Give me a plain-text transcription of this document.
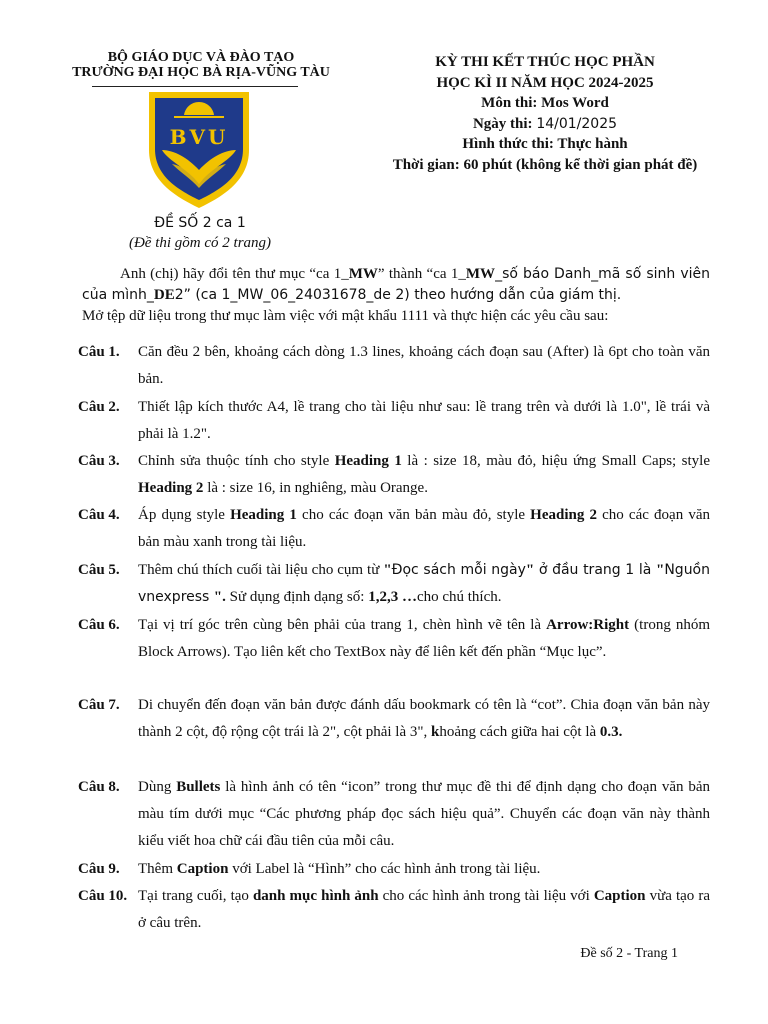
BỘ GIÁO DỤC VÀ ĐÀO TẠO
TRƯỜNG ĐẠI HỌC BÀ RỊA-VŨNG TÀU
BVU
ĐỀ SỐ 2 ca 1
(Đề thi gồm có 2 trang)
KỲ THI KẾT THÚC HỌC PHẦN
HỌC KÌ II NĂM HỌC 2024-2025
Môn thi: Mos Word
Ngày thi: 14/01/2025
Hình thức thi: Thực hành
Thời gian: 60 phút (không kể thời gian phát đề)
Anh (chị) hãy đổi tên thư mục “ca 1_MW” thành “ca 1_MW_số báo Danh_mã số sinh viên của mình_DE2” (ca 1_MW_06_24031678_de 2) theo hướng dẫn của giám thị.
Mở tệp dữ liệu trong thư mục làm việc với mật khẩu 1111 và thực hiện các yêu cầu sau:
Câu 1. Căn đều 2 bên, khoảng cách dòng 1.3 lines, khoảng cách đoạn sau (After) là 6pt cho toàn văn bản.
Câu 2. Thiết lập kích thước A4, lề trang cho tài liệu như sau: lề trang trên và dưới là 1.0", lề trái và phải là 1.2".
Câu 3. Chỉnh sửa thuộc tính cho style Heading 1 là : size 18, màu đỏ, hiệu ứng Small Caps; style Heading 2 là : size 16, in nghiêng, màu Orange.
Câu 4. Áp dụng style Heading 1 cho các đoạn văn bản màu đỏ, style Heading 2 cho các đoạn văn bản màu xanh trong tài liệu.
Câu 5. Thêm chú thích cuối tài liệu cho cụm từ "Đọc sách mỗi ngày" ở đầu trang 1 là "Nguồn vnexpress ". Sử dụng định dạng số: 1,2,3 …cho chú thích.
Câu 6. Tại vị trí góc trên cùng bên phải của trang 1, chèn hình vẽ tên là Arrow:Right (trong nhóm Block Arrows). Tạo liên kết cho TextBox này để liên kết đến phần “Mục lục”.
Câu 7. Di chuyển đến đoạn văn bản được đánh dấu bookmark có tên là “cot”. Chia đoạn văn bản này thành 2 cột, độ rộng cột trái là 2", cột phải là 3", khoảng cách giữa hai cột là 0.3.
Câu 8. Dùng Bullets là hình ảnh có tên “icon” trong thư mục đề thi để định dạng cho đoạn văn bản màu tím dưới mục “Các phương pháp đọc sách hiệu quả”. Chuyển các đoạn văn này thành kiểu viết hoa chữ cái đầu tiên của mỗi câu.
Câu 9. Thêm Caption với Label là “Hình” cho các hình ảnh trong tài liệu.
Câu 10. Tại trang cuối, tạo danh mục hình ảnh cho các hình ảnh trong tài liệu với Caption vừa tạo ra ở câu trên.
Đề số 2 - Trang 1
